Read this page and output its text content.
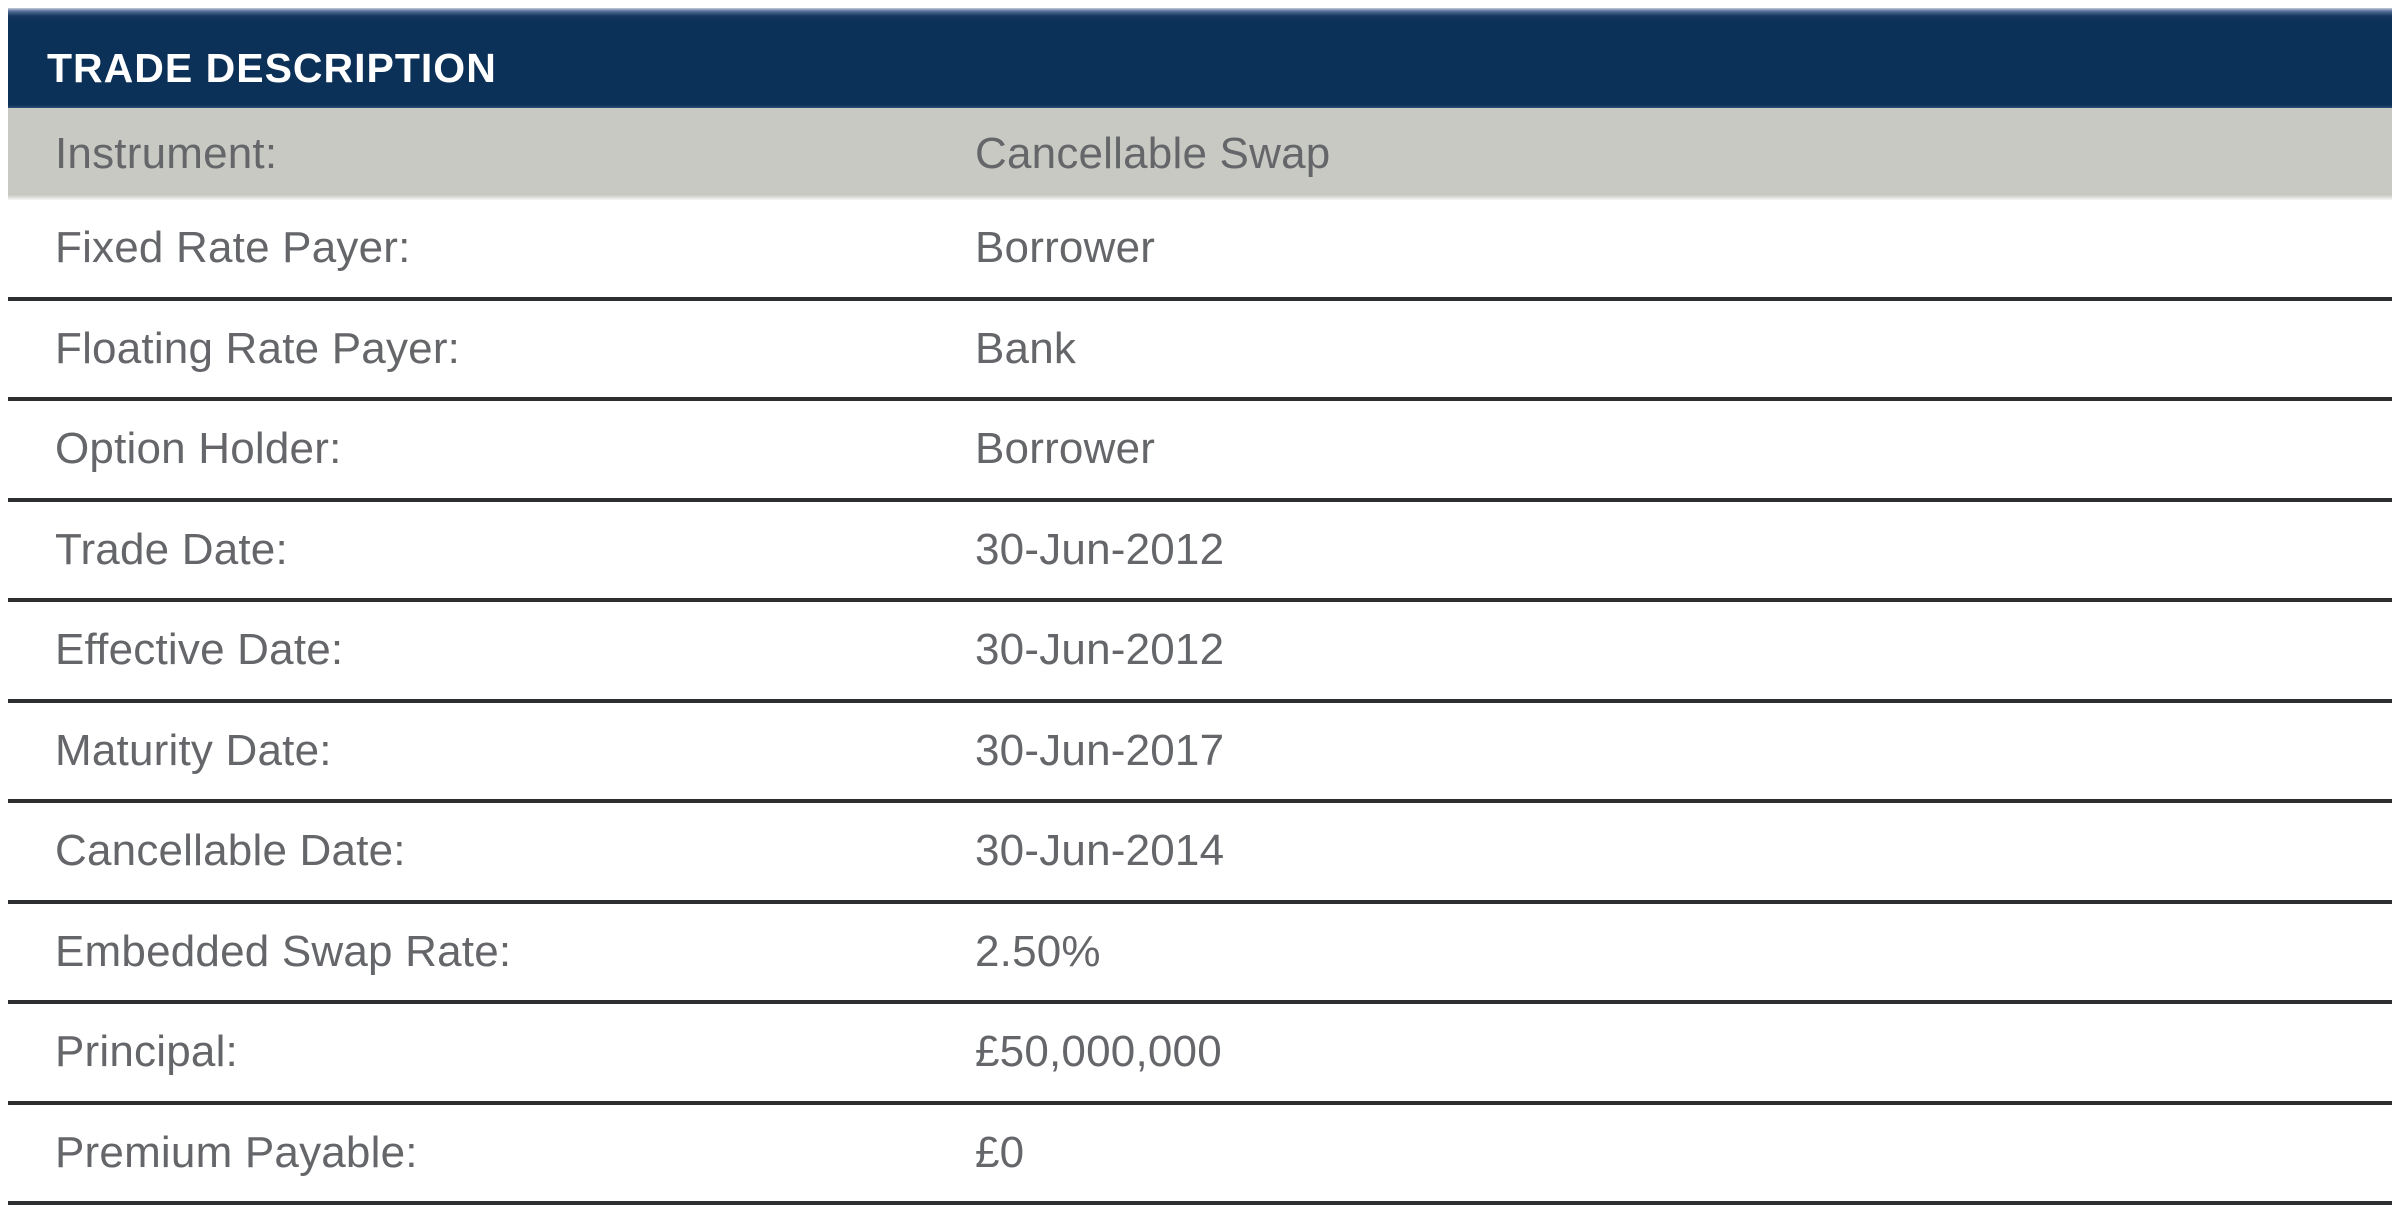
TRADE DESCRIPTION
Instrument:	Cancellable Swap
Fixed Rate Payer:	Borrower
Floating Rate Payer:	Bank
Option Holder:	Borrower
Trade Date:	30-Jun-2012
Effective Date:	30-Jun-2012
Maturity Date:	30-Jun-2017
Cancellable Date:	30-Jun-2014
Embedded Swap Rate:	2.50%
Principal:	£50,000,000
Premium Payable:	£0
